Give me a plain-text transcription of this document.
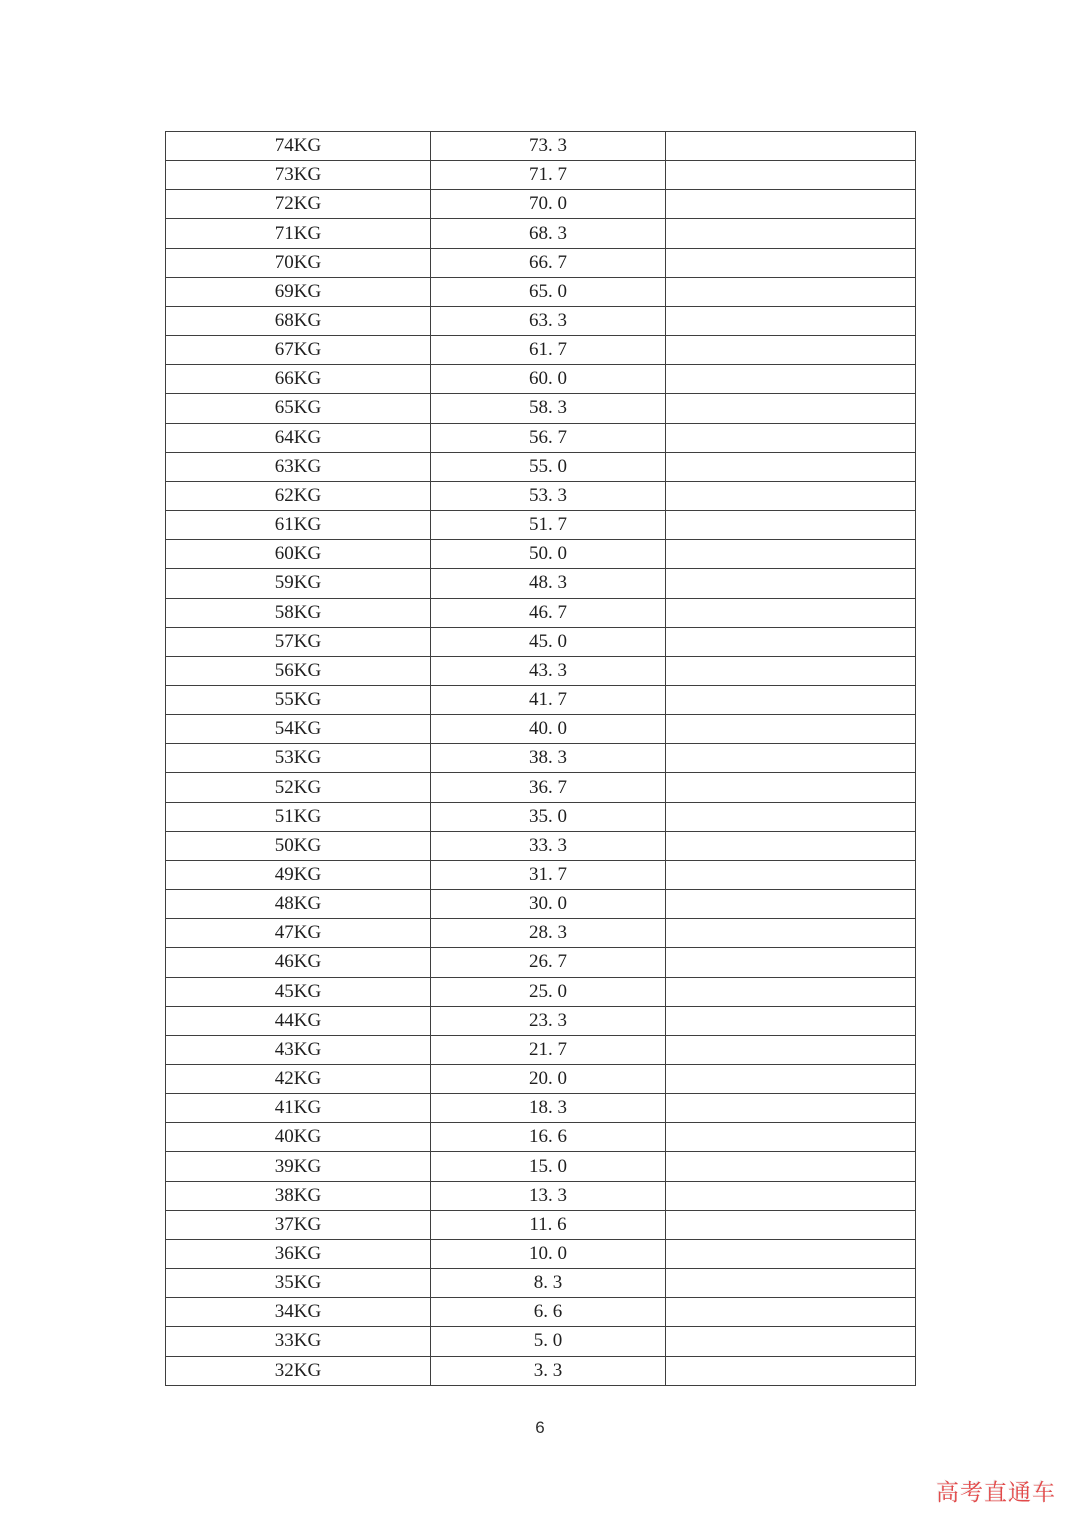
74KG	73. 3	
73KG	71. 7	
72KG	70. 0	
71KG	68. 3	
70KG	66. 7	
69KG	65. 0	
68KG	63. 3	
67KG	61. 7	
66KG	60. 0	
65KG	58. 3	
64KG	56. 7	
63KG	55. 0	
62KG	53. 3	
61KG	51. 7	
60KG	50. 0	
59KG	48. 3	
58KG	46. 7	
57KG	45. 0	
56KG	43. 3	
55KG	41. 7	
54KG	40. 0	
53KG	38. 3	
52KG	36. 7	
51KG	35. 0	
50KG	33. 3	
49KG	31. 7	
48KG	30. 0	
47KG	28. 3	
46KG	26. 7	
45KG	25. 0	
44KG	23. 3	
43KG	21. 7	
42KG	20. 0	
41KG	18. 3	
40KG	16. 6	
39KG	15. 0	
38KG	13. 3	
37KG	11. 6	
36KG	10. 0	
35KG	8. 3	
34KG	6. 6	
33KG	5. 0	
32KG	3. 3	
6
高考直通车
